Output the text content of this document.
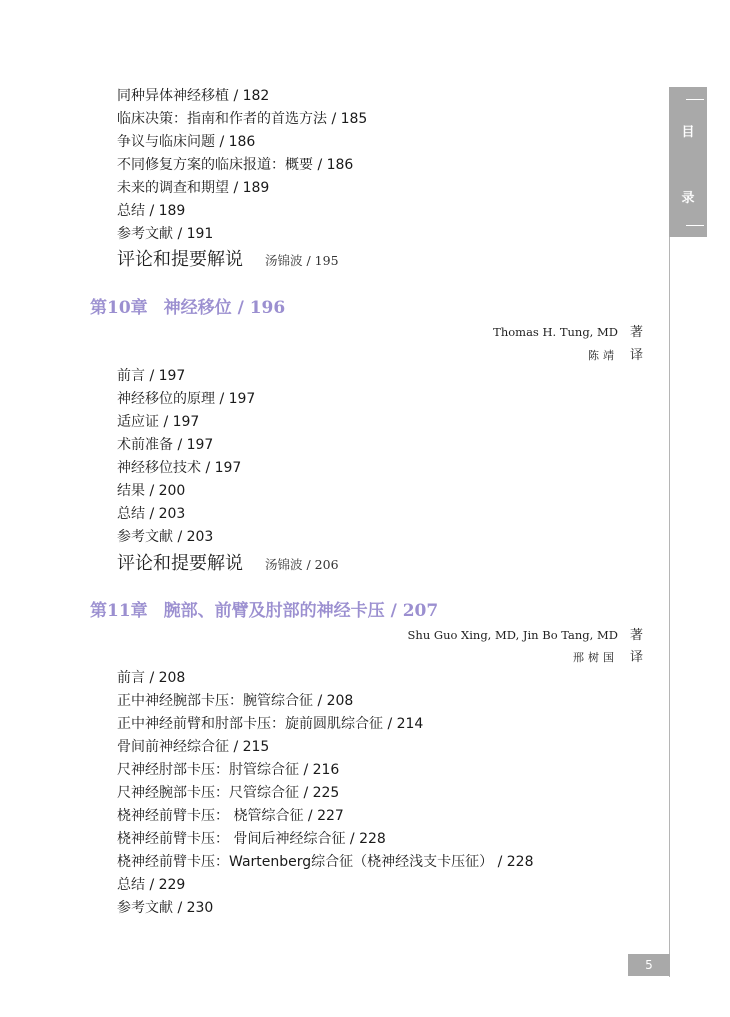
同种异体神经移植 / 182
临床决策：指南和作者的首选方法 / 185
争议与临床问题 / 186
不同修复方案的临床报道：概要 / 186
未来的调查和期望 / 189
总结 / 189
参考文献 / 191
评论和提要解说 汤锦波 / 195
第10章 神经移位 / 196
Thomas H. Tung, MD 著
陈靖 译
前言 / 197
神经移位的原理 / 197
适应证 / 197
术前准备 / 197
神经移位技术 / 197
结果 / 200
总结 / 203
参考文献 / 203
评论和提要解说 汤锦波 / 206
第11章 腕部、前臂及肘部的神经卡压 / 207
Shu Guo Xing, MD, Jin Bo Tang, MD 著
邢树国 译
前言 / 208
正中神经腕部卡压：腕管综合征 / 208
正中神经前臂和肘部卡压：旋前圆肌综合征 / 214
骨间前神经综合征 / 215
尺神经肘部卡压：肘管综合征 / 216
尺神经腕部卡压：尺管综合征 / 225
桡神经前臂卡压： 桡管综合征 / 227
桡神经前臂卡压： 骨间后神经综合征 / 228
桡神经前臂卡压：Wartenberg综合征（桡神经浅支卡压征） / 228
总结 / 229
参考文献 / 230
目
录
5
